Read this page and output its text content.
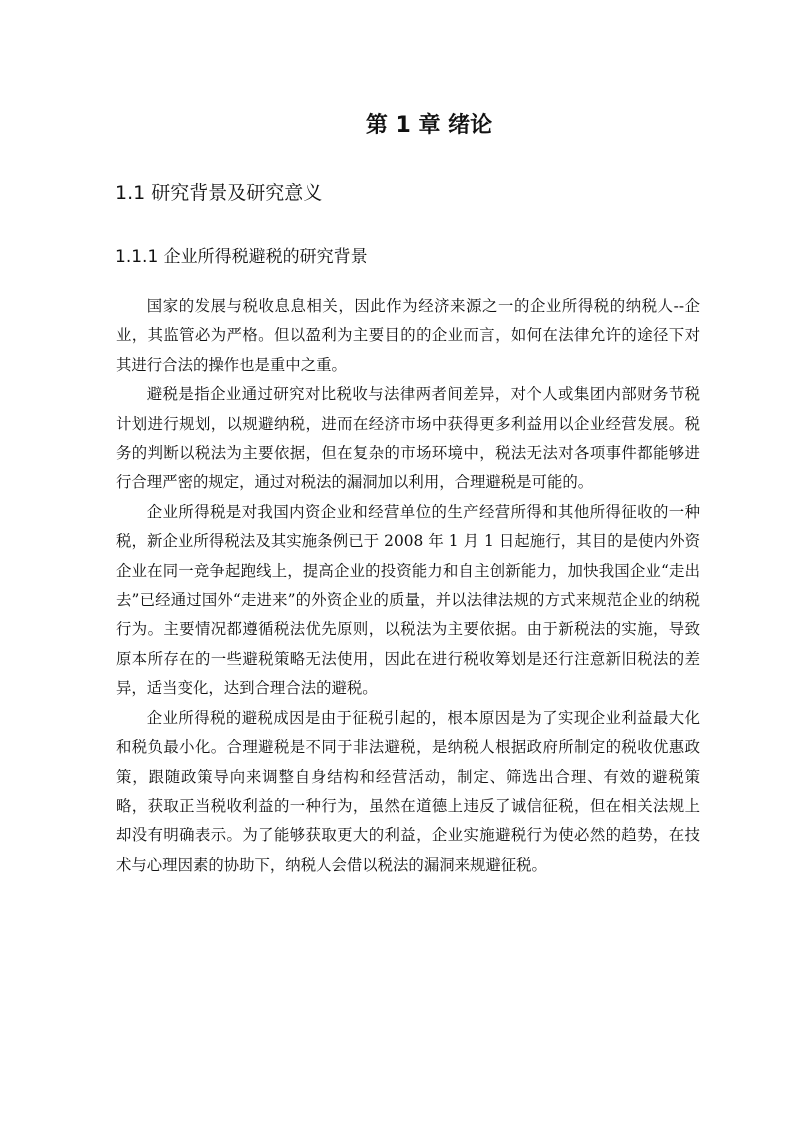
第 1 章 绪论
1.1 研究背景及研究意义
1.1.1 企业所得税避税的研究背景

国家的发展与税收息息相关，因此作为经济来源之一的企业所得税的纳税人--企业，其监管必为严格。但以盈利为主要目的的企业而言，如何在法律允许的途径下对其进行合法的操作也是重中之重。

避税是指企业通过研究对比税收与法律两者间差异，对个人或集团内部财务节税计划进行规划，以规避纳税，进而在经济市场中获得更多利益用以企业经营发展。税务的判断以税法为主要依据，但在复杂的市场环境中，税法无法对各项事件都能够进行合理严密的规定，通过对税法的漏洞加以利用，合理避税是可能的。

企业所得税是对我国内资企业和经营单位的生产经营所得和其他所得征收的一种税，新企业所得税法及其实施条例已于 2008 年 1 月 1 日起施行，其目的是使内外资企业在同一竞争起跑线上，提高企业的投资能力和自主创新能力，加快我国企业“走出去”已经通过国外“走进来”的外资企业的质量，并以法律法规的方式来规范企业的纳税行为。主要情况都遵循税法优先原则，以税法为主要依据。由于新税法的实施，导致原本所存在的一些避税策略无法使用，因此在进行税收筹划是还行注意新旧税法的差异，适当变化，达到合理合法的避税。

企业所得税的避税成因是由于征税引起的，根本原因是为了实现企业利益最大化和税负最小化。合理避税是不同于非法避税，是纳税人根据政府所制定的税收优惠政策，跟随政策导向来调整自身结构和经营活动，制定、筛选出合理、有效的避税策略，获取正当税收利益的一种行为，虽然在道德上违反了诚信征税，但在相关法规上却没有明确表示。为了能够获取更大的利益，企业实施避税行为使必然的趋势，在技术与心理因素的协助下，纳税人会借以税法的漏洞来规避征税。
